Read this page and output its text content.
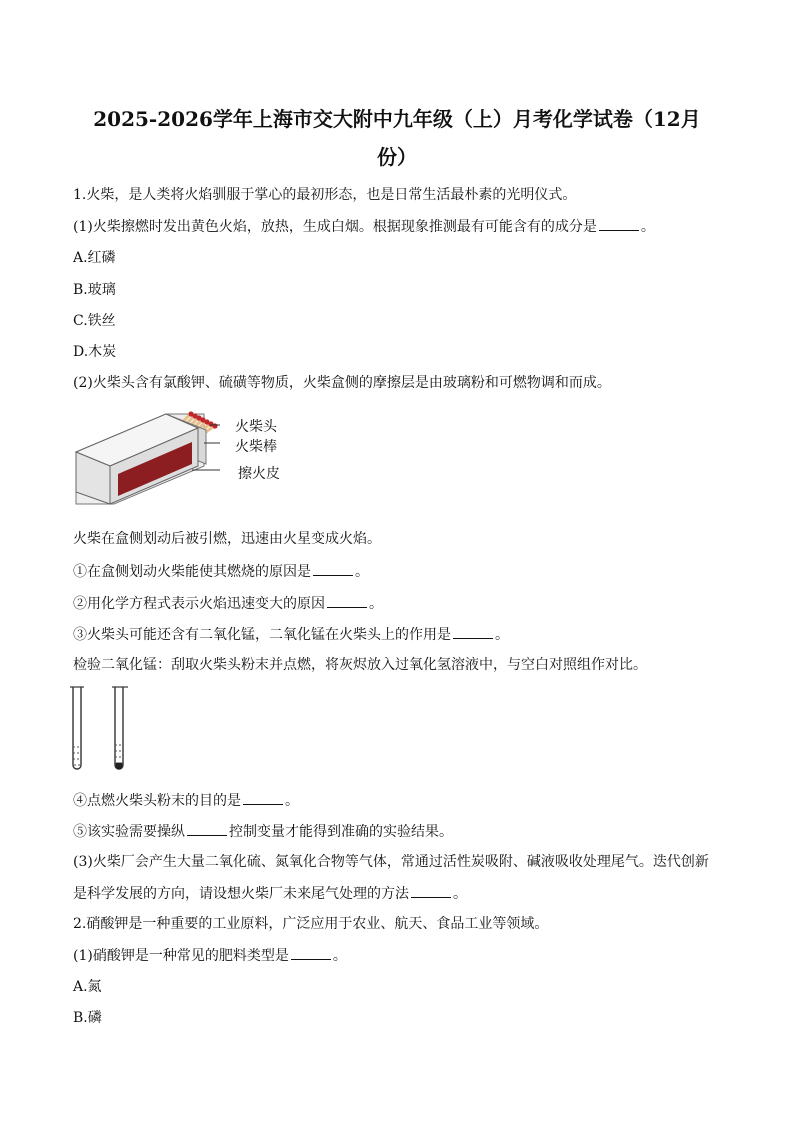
2025-2026学年上海市交大附中九年级（上）月考化学试卷（12月
份）
1.火柴，是人类将火焰驯服于掌心的最初形态，也是日常生活最朴素的光明仪式。
(1)火柴擦燃时发出黄色火焰，放热，生成白烟。根据现象推测最有可能含有的成分是	。
A.红磷
B.玻璃
C.铁丝
D.木炭
(2)火柴头含有氯酸钾、硫磺等物质，火柴盒侧的摩擦层是由玻璃粉和可燃物调和而成。
火柴头
火柴棒
擦火皮
火柴在盒侧划动后被引燃，迅速由火星变成火焰。
①在盒侧划动火柴能使其燃烧的原因是	。
②用化学方程式表示火焰迅速变大的原因	。
③火柴头可能还含有二氧化锰，二氧化锰在火柴头上的作用是	。
检验二氧化锰：刮取火柴头粉末并点燃，将灰烬放入过氧化氢溶液中，与空白对照组作对比。
④点燃火柴头粉末的目的是	。
⑤该实验需要操纵	控制变量才能得到准确的实验结果。
(3)火柴厂会产生大量二氧化硫、氮氧化合物等气体，常通过活性炭吸附、碱液吸收处理尾气。迭代创新
是科学发展的方向，请设想火柴厂未来尾气处理的方法	。
2.硝酸钾是一种重要的工业原料，广泛应用于农业、航天、食品工业等领域。
(1)硝酸钾是一种常见的肥料类型是	。
A.氮
B.磷
